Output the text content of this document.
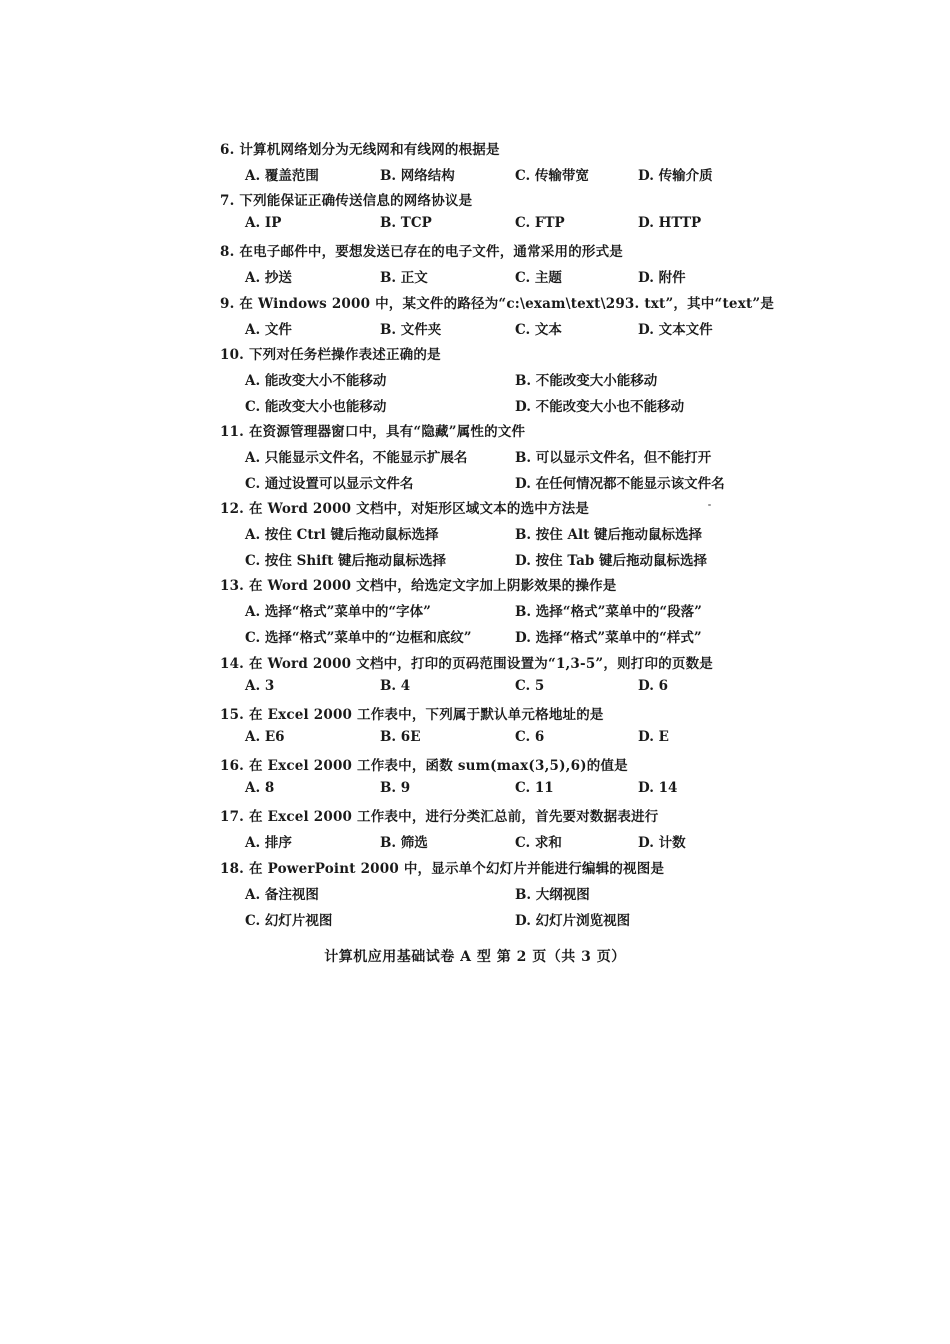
6. 计算机网络划分为无线网和有线网的根据是
A. 覆盖范围	B. 网络结构	C. 传输带宽	D. 传输介质
7. 下列能保证正确传送信息的网络协议是
A. IP	B. TCP	C. FTP	D. HTTP
8. 在电子邮件中，要想发送已存在的电子文件，通常采用的形式是
A. 抄送	B. 正文	C. 主题	D. 附件
9. 在 Windows 2000 中，某文件的路径为“c:\exam\text\293. txt”，其中“text”是
A. 文件	B. 文件夹	C. 文本	D. 文本文件
10. 下列对任务栏操作表述正确的是
A. 能改变大小不能移动	B. 不能改变大小能移动
C. 能改变大小也能移动	D. 不能改变大小也不能移动
11. 在资源管理器窗口中，具有“隐藏”属性的文件
A. 只能显示文件名，不能显示扩展名	B. 可以显示文件名，但不能打开
C. 通过设置可以显示文件名	D. 在任何情况都不能显示该文件名
12. 在 Word 2000 文档中，对矩形区域文本的选中方法是
A. 按住 Ctrl 键后拖动鼠标选择	B. 按住 Alt 键后拖动鼠标选择
C. 按住 Shift 键后拖动鼠标选择	D. 按住 Tab 键后拖动鼠标选择
13. 在 Word 2000 文档中，给选定文字加上阴影效果的操作是
A. 选择“格式”菜单中的“字体”	B. 选择“格式”菜单中的“段落”
C. 选择“格式”菜单中的“边框和底纹”	D. 选择“格式”菜单中的“样式”
14. 在 Word 2000 文档中，打印的页码范围设置为“1,3-5”，则打印的页数是
A. 3	B. 4	C. 5	D. 6
15. 在 Excel 2000 工作表中，下列属于默认单元格地址的是
A. E6	B. 6E	C. 6	D. E
16. 在 Excel 2000 工作表中，函数 sum(max(3,5),6)的值是
A. 8	B. 9	C. 11	D. 14
17. 在 Excel 2000 工作表中，进行分类汇总前，首先要对数据表进行
A. 排序	B. 筛选	C. 求和	D. 计数
18. 在 PowerPoint 2000 中，显示单个幻灯片并能进行编辑的视图是
A. 备注视图	B. 大纲视图
C. 幻灯片视图	D. 幻灯片浏览视图
计算机应用基础试卷 A 型 第 2 页（共 3 页）
